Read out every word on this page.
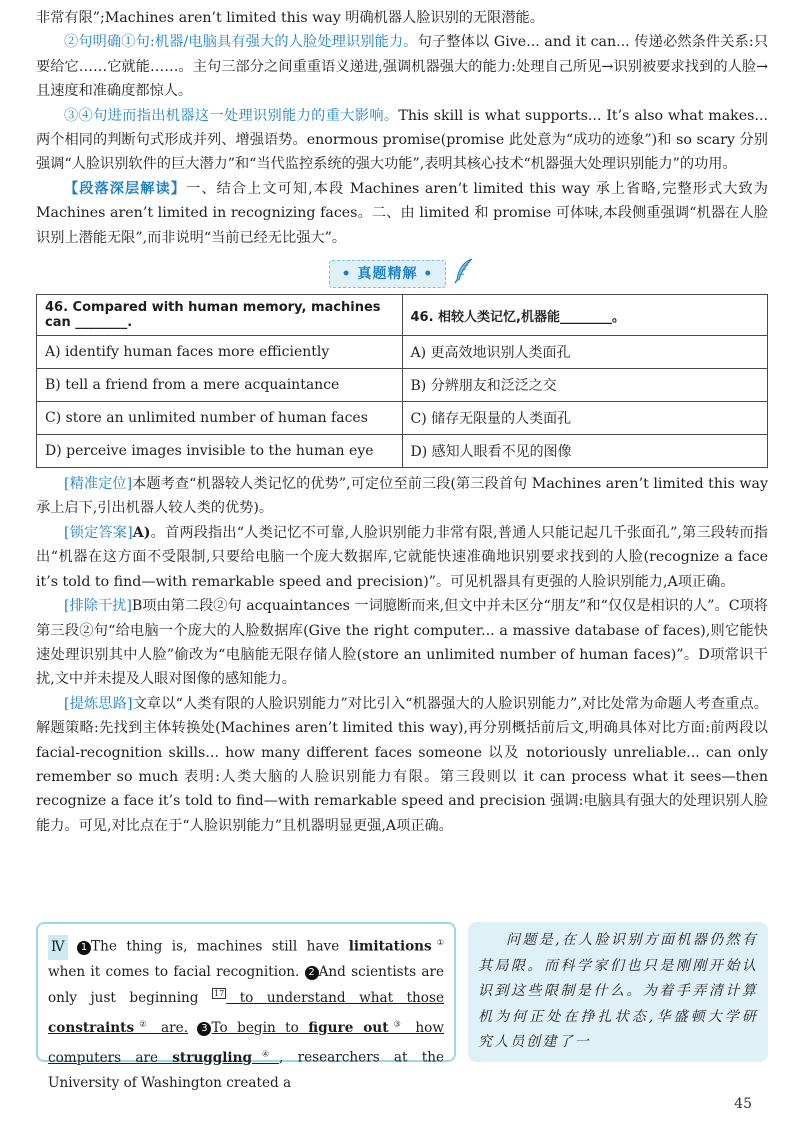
非常有限”;Machines aren’t limited this way 明确机器人脸识别的无限潜能。

②句明确①句:机器/电脑具有强大的人脸处理识别能力。句子整体以 Give... and it can... 传递必然条件关系:只要给它……它就能……。主句三部分之间重重语义递进,强调机器强大的能力:处理自己所见→识别被要求找到的人脸→且速度和准确度都惊人。

③④句进而指出机器这一处理识别能力的重大影响。This skill is what supports... It’s also what makes... 两个相同的判断句式形成并列、增强语势。enormous promise(promise 此处意为“成功的迹象”)和 so scary 分别强调“人脸识别软件的巨大潜力”和“当代监控系统的强大功能”,表明其核心技术“机器强大处理识别能力”的功用。

【段落深层解读】一、结合上文可知,本段 Machines aren’t limited this way 承上省略,完整形式大致为 Machines aren’t limited in recognizing faces。二、由 limited 和 promise 可体味,本段侧重强调“机器在人脸识别上潜能无限”,而非说明“当前已经无比强大”。

• 真题精解 •
46. Compared with human memory, machines can ________.	46. 相较人类记忆,机器能________。
A) identify human faces more efficiently	A) 更高效地识别人类面孔
B) tell a friend from a mere acquaintance	B) 分辨朋友和泛泛之交
C) store an unlimited number of human faces	C) 储存无限量的人类面孔
D) perceive images invisible to the human eye	D) 感知人眼看不见的图像

[精准定位]本题考查“机器较人类记忆的优势”,可定位至前三段(第三段首句 Machines aren’t limited this way 承上启下,引出机器人较人类的优势)。

[锁定答案]A)。首两段指出“人类记忆不可靠,人脸识别能力非常有限,普通人只能记起几千张面孔”,第三段转而指出“机器在这方面不受限制,只要给电脑一个庞大数据库,它就能快速准确地识别要求找到的人脸(recognize a face it’s told to find—with remarkable speed and precision)”。可见机器具有更强的人脸识别能力,A项正确。

[排除干扰]B项由第二段②句 acquaintances 一词臆断而来,但文中并未区分“朋友”和“仅仅是相识的人”。C项将第三段②句“给电脑一个庞大的人脸数据库(Give the right computer... a massive database of faces),则它能快速处理识别其中人脸”偷改为“电脑能无限存储人脸(store an unlimited number of human faces)”。D项常识干扰,文中并未提及人眼对图像的感知能力。

[提炼思路]文章以“人类有限的人脸识别能力”对比引入“机器强大的人脸识别能力”,对比处常为命题人考查重点。解题策略:先找到主体转换处(Machines aren’t limited this way),再分别概括前后文,明确具体对比方面:前两段以 facial-recognition skills... how many different faces someone 以及 notoriously unreliable... can only remember so much 表明:人类大脑的人脸识别能力有限。第三段则以 it can process what it sees—then recognize a face it’s told to find—with remarkable speed and precision 强调:电脑具有强大的处理识别人脸能力。可见,对比点在于“人脸识别能力”且机器明显更强,A项正确。

Ⅳ 1 The thing is, machines still have limitations① when it comes to facial recognition. 2 And scientists are only just beginning 17 to understand what those constraints② are. 3 To begin to figure out③ how computers are struggling④, researchers at the University of Washington created a

问题是,在人脸识别方面机器仍然有其局限。而科学家们也只是刚刚开始认识到这些限制是什么。为着手弄清计算机为何正处在挣扎状态,华盛顿大学研究人员创建了一

45
